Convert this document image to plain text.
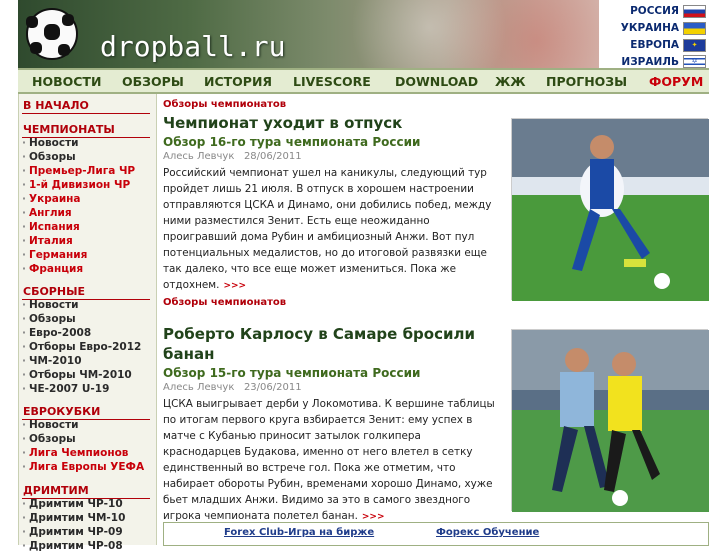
dropball.ru
РОССИЯ
УКРАИНА
ЕВРОПА	✦
ИЗРАИЛЬ	✡
НОВОСТИ ОБЗОРЫ ИСТОРИЯ LIVESCORE DOWNLOAD ЖЖ ПРОГНОЗЫ ФОРУМ
В НАЧАЛО
ЧЕМПИОНАТЫ
· Новости
· Обзоры
· Премьер-Лига ЧР
· 1-й Дивизион ЧР
· Украина
· Англия
· Испания
· Италия
· Германия
· Франция
СБОРНЫЕ
· Новости
· Обзоры
· Евро-2008
· Отборы Евро-2012
· ЧМ-2010
· Отборы ЧМ-2010
· ЧЕ-2007 U-19
ЕВРОКУБКИ
· Новости
· Обзоры
· Лига Чемпионов
· Лига Европы УЕФА
ДРИМТИМ
· Дримтим ЧР-10
· Дримтим ЧМ-10
· Дримтим ЧР-09
· Дримтим ЧР-08
Обзоры чемпионатов
Чемпионат уходит в отпуск
Обзор 16-го тура чемпионата России
Алесь Левчук 28/06/2011
Российский чемпионат ушел на каникулы, следующий тур пройдет лишь 21 июля. В отпуск в хорошем настроении отправляются ЦСКА и Динамо, они добились побед, между ними разместился Зенит. Есть еще неожиданно проигравший дома Рубин и амбициозный Анжи. Вот пул потенциальных медалистов, но до итоговой развязки еще так далеко, что все еще может измениться. Пока же отдохнем. >>>
Обзоры чемпионатов
Роберто Карлосу в Самаре бросили банан
Обзор 15-го тура чемпионата России
Алесь Левчук 23/06/2011
ЦСКА выигрывает дерби у Локомотива. К вершине таблицы по итогам первого круга взбирается Зенит: ему успех в матче с Кубанью приносит затылок голкипера краснодарцев Будакова, именно от него влетел в сетку единственный во встрече гол. Пока же отметим, что набирает обороты Рубин, временами хорошо Динамо, хуже бьет младших Анжи. Видимо за это в самого звездного игрока чемпионата полетел банан. >>>
Forex Club-Игра на бирже	Форекс Обучение
